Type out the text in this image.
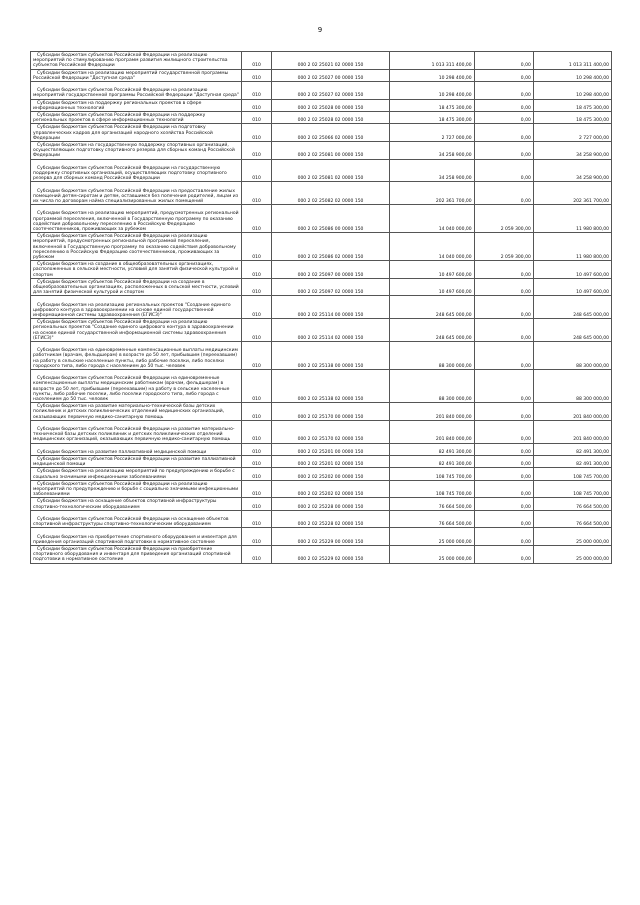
9
Субсидии бюджетам субъектов Российской Федерации на реализацию мероприятий по стимулированию программ развития жилищного строительства субъектов Российской Федерации	010	000 2 02 25021 02 0000 150	1 013 311 400,00	0,00	1 013 311 400,00

Субсидии бюджетам на реализацию мероприятий государственной программы Российской Федерации "Доступная среда"	010	000 2 02 25027 00 0000 150	10 298 400,00	0,00	10 298 400,00

Субсидии бюджетам субъектов Российской Федерации на реализацию мероприятий государственной программы Российской Федерации "Доступная среда"	010	000 2 02 25027 02 0000 150	10 298 400,00	0,00	10 298 400,00

Субсидии бюджетам на поддержку региональных проектов в сфере информационных технологий	010	000 2 02 25028 00 0000 150	18 475 300,00	0,00	18 475 300,00

Субсидии бюджетам субъектов Российской Федерации на поддержку региональных проектов в сфере информационных технологий	010	000 2 02 25028 02 0000 150	18 475 300,00	0,00	18 475 300,00

Субсидии бюджетам субъектов Российской Федерации на подготовку управленческих кадров для организаций народного хозяйства Российской Федерации	010	000 2 02 25066 02 0000 150	2 727 000,00	0,00	2 727 000,00

Субсидии бюджетам на государственную поддержку спортивных организаций, осуществляющих подготовку спортивного резерва для сборных команд Российской Федерации	010	000 2 02 25081 00 0000 150	34 258 900,00	0,00	34 258 900,00

Субсидии бюджетам субъектов Российской Федерации на государственную поддержку спортивных организаций, осуществляющих подготовку спортивного резерва для сборных команд Российской Федерации	010	000 2 02 25081 02 0000 150	34 258 900,00	0,00	34 258 900,00

Субсидии бюджетам субъектов Российской Федерации на предоставление жилых помещений детям-сиротам и детям, оставшимся без попечения родителей, лицам из их числа по договорам найма специализированных жилых помещений	010	000 2 02 25082 02 0000 150	202 361 700,00	0,00	202 361 700,00

Субсидии бюджетам на реализацию мероприятий, предусмотренных региональной программой переселения, включенной в Государственную программу по оказанию содействия добровольному переселению в Российскую Федерацию соотечественников, проживающих за рубежом	010	000 2 02 25086 00 0000 150	14 040 000,00	2 059 300,00	11 980 800,00

Субсидии бюджетам субъектов Российской Федерации на реализацию мероприятий, предусмотренных региональной программой переселения, включенной в Государственную программу по оказанию содействия добровольному переселению в Российскую Федерацию соотечественников, проживающих за рубежом	010	000 2 02 25086 02 0000 150	14 040 000,00	2 059 300,00	11 980 800,00

Субсидии бюджетам на создание в общеобразовательных организациях, расположенных в сельской местности, условий для занятий физической культурой и спортом	010	000 2 02 25097 00 0000 150	10 497 600,00	0,00	10 497 600,00

Субсидии бюджетам субъектов Российской Федерации на создание в общеобразовательных организациях, расположенных в сельской местности, условий для занятий физической культурой и спортом	010	000 2 02 25097 02 0000 150	10 497 600,00	0,00	10 497 600,00

Субсидии бюджетам на реализацию региональных проектов "Создание единого цифрового контура в здравоохранении на основе единой государственной информационной системы здравоохранения (ЕГИСЗ)"	010	000 2 02 25114 00 0000 150	248 645 000,00	0,00	248 645 000,00

Субсидии бюджетам субъектов Российской Федерации на реализацию региональных проектов "Создание единого цифрового контура в здравоохранении на основе единой государственной информационной системы здравоохранения (ЕГИСЗ)"	010	000 2 02 25114 02 0000 150	248 645 000,00	0,00	248 645 000,00

Субсидии бюджетам на единовременные компенсационные выплаты медицинским работникам (врачам, фельдшерам) в возрасте до 50 лет, прибывшим (переехавшим) на работу в сельские населенные пункты, либо рабочие поселки, либо поселки городского типа, либо города с населением до 50 тыс. человек	010	000 2 02 25138 00 0000 150	88 300 000,00	0,00	88 300 000,00

Субсидии бюджетам субъектов Российской Федерации на единовременные компенсационные выплаты медицинским работникам (врачам, фельдшерам) в возрасте до 50 лет, прибывшим (переехавшим) на работу в сельские населенные пункты, либо рабочие поселки, либо поселки городского типа, либо города с населением до 50 тыс. человек	010	000 2 02 25138 02 0000 150	88 300 000,00	0,00	88 300 000,00

Субсидии бюджетам на развитие материально-технической базы детских поликлиник и детских поликлинических отделений медицинских организаций, оказывающих первичную медико-санитарную помощь	010	000 2 02 25170 00 0000 150	201 840 000,00	0,00	201 840 000,00

Субсидии бюджетам субъектов Российской Федерации на развитие материально-технической базы детских поликлиник и детских поликлинических отделений медицинских организаций, оказывающих первичную медико-санитарную помощь	010	000 2 02 25170 02 0000 150	201 840 000,00	0,00	201 840 000,00

Субсидии бюджетам на развитие паллиативной медицинской помощи	010	000 2 02 25201 00 0000 150	82 491 300,00	0,00	82 491 300,00

Субсидии бюджетам субъектов Российской Федерации на развитие паллиативной медицинской помощи	010	000 2 02 25201 02 0000 150	82 491 300,00	0,00	82 491 300,00

Субсидии бюджетам на реализацию мероприятий по предупреждению и борьбе с социально значимыми инфекционными заболеваниями	010	000 2 02 25202 00 0000 150	108 745 700,00	0,00	108 745 700,00

Субсидии бюджетам субъектов Российской Федерации на реализацию мероприятий по предупреждению и борьбе с социально значимыми инфекционными заболеваниями	010	000 2 02 25202 02 0000 150	108 745 700,00	0,00	108 745 700,00

Субсидии бюджетам на оснащение объектов спортивной инфраструктуры спортивно-технологическим оборудованием	010	000 2 02 25228 00 0000 150	76 664 500,00	0,00	76 664 500,00

Субсидии бюджетам субъектов Российской Федерации на оснащение объектов спортивной инфраструктуры спортивно-технологическим оборудованием	010	000 2 02 25228 02 0000 150	76 664 500,00	0,00	76 664 500,00

Субсидии бюджетам на приобретение спортивного оборудования и инвентаря для приведения организаций спортивной подготовки в нормативное состояние	010	000 2 02 25229 00 0000 150	25 000 000,00	0,00	25 000 000,00

Субсидии бюджетам субъектов Российской Федерации на приобретение спортивного оборудования и инвентаря для приведения организаций спортивной подготовки в нормативное состояние	010	000 2 02 25229 02 0000 150	25 000 000,00	0,00	25 000 000,00
